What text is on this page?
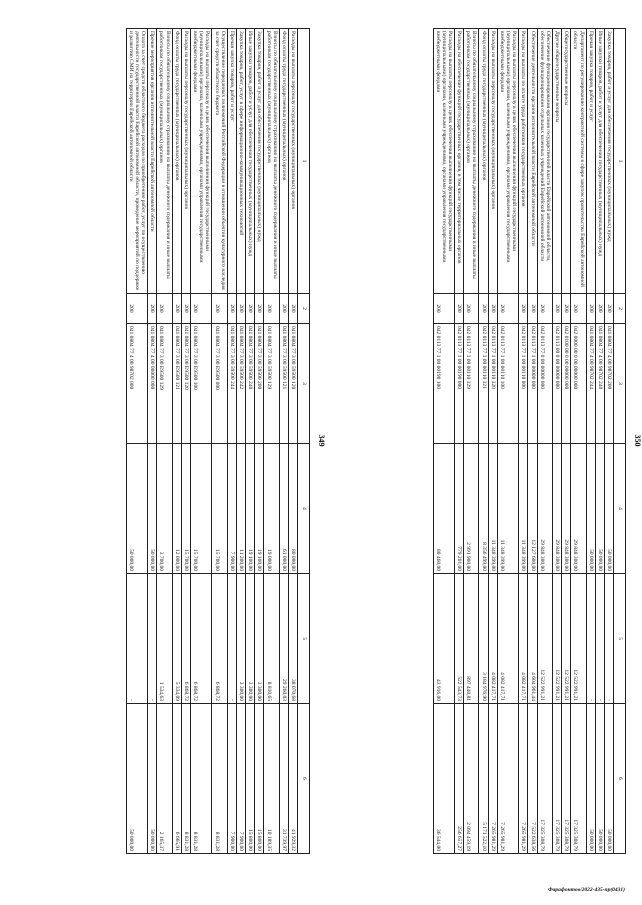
349
1	2	3	4	5	6
Расходы на выплаты персоналу государственных (муниципальных) органов	200	041 0804 77 3 00 59500 120	80 000,00	38 070,68	41 929,32
Фонд оплаты труда государственных (муниципальных) органов	200	041 0804 77 3 00 59500 121	61 000,00	29 260,03	31 739,97
Взносы по обязательному социальному страхованию на выплаты денежного содержания и иные выплаты работникам государственных (муниципальных) органов	200	041 0804 77 3 00 59500 129	19 000,00	8 810,65	10 189,35
Закупка товаров, работ и услуг для обеспечения государственных (муниципальных) нужд	200	041 0804 77 3 00 59500 200	19 100,00	3 300,00	15 800,00
Иные закупки товаров, работ и услуг для обеспечения государственных (муниципальных) нужд	200	041 0804 77 3 00 59500 240	19 100,00	3 300,00	15 800,00
Закупка товаров, работ, услуг в сфере информационно-коммуникационных технологий	200	041 0804 77 3 00 59500 242	11 200,00	3 300,00	7 900,00
Прочая закупка товаров, работ и услуг	200	041 0804 77 3 00 59500 244	7 900,00	-	7 900,00
Осуществление переданных полномочий Российской Федерации в отношении объектов культурного наследия за счет средств областного бюджета	200	041 0804 77 3 00 Е9500 000	15 700,00	6 868,72	8 831,28
Расходы на выплаты персоналу в целях обеспечения выполнения функций государственными (муниципальными) органами, казенными учреждениями, органами управления государственными внебюджетными фондами	200	041 0804 77 3 00 Е9500 100	15 700,00	6 868,72	8 831,28
Расходы на выплаты персоналу государственных (муниципальных) органов	200	041 0804 77 3 00 Е9500 120	15 700,00	6 868,72	8 831,28
Фонд оплаты труда государственных (муниципальных) органов	200	041 0804 77 3 00 Е9500 121	12 000,00	5 334,09	6 665,91
Взносы по обязательному социальному страхованию на выплаты денежного содержания и иные выплаты работникам государственных (муниципальных) органов	200	041 0804 77 3 00 Е9500 129	3 700,00	1 534,63	2 165,37
Прочие мероприятия органов исполнительной власти Еврейской автономной области	200	041 0804 77 4 00 00000 000	50 000,00	-	50 000,00
Оплата за счет средств областного бюджета расходов по приобретению работ, услуг по осуществлению деятельности государственной власти Еврейской автономной области, проведение мероприятий по поддержке и развитию СМИ на территории Еврейской автономной области	200	041 0804 77 4 00 98702 000	50 000,00	-	50 000,00
350
1	2	3	4	5	6
Закупка товаров, работ и услуг для обеспечения государственных (муниципальных) нужд	200	041 0804 77 4 00 98702 200	50 000,00	-	50 000,00
Иные закупки товаров, работ и услуг для обеспечения государственных (муниципальных) нужд	200	041 0804 77 4 00 98702 240	50 000,00	-	50 000,00
Прочая закупка товаров, работ и услуг	200	041 0804 77 4 00 98702 244	50 000,00	-	50 000,00
Департамент по регулированию контрактной системы в сфере закупок правительства Еврейской автономной области	200	042 0000 00 0 00 00000 000	29 848 300,00	12 522 991,21	17 325 308,79
Общегосударственные вопросы	200	042 0100 00 0 00 00000 000	29 848 300,00	12 522 991,21	17 325 308,79
Другие общегосударственные вопросы	200	042 0113 00 0 00 00000 000	29 848 300,00	12 522 991,21	17 325 308,79
Обеспечение функционирования органов государственной власти Еврейской автономной области, обеспечение функционирования отдельных казенных учреждений Еврейской автономной области	200	042 0113 77 0 00 00000 000	29 848 300,00	12 522 991,21	17 325 308,79
Обеспечение деятельности органов исполнительной власти Еврейской автономной области	200	042 0113 77 1 00 00000 000	12 127 600,00	4 604 961,44	7 522 638,56
Расходы на выплаты по оплате труда работников государственных органов	200	042 0113 77 1 00 00110 000	11 348 399,00	4 082 417,71	7 265 981,29
Расходы на выплаты персоналу в целях обеспечения выполнения функций государственными (муниципальными) органами, казенными учреждениями, органами управления государственными внебюджетными фондами	200	042 0113 77 1 00 00110 100	11 348 399,00	4 082 417,71	7 265 981,29
Расходы на выплаты персоналу государственных (муниципальных) органов	200	042 0113 77 1 00 00110 120	11 348 399,00	4 082 417,71	7 265 981,29
Фонд оплаты труда государственных (муниципальных) органов	200	042 0113 77 1 00 00110 121	8 356 499,00	3 184 976,90	5 171 522,10
Взносы по обязательному социальному страхованию на выплаты денежного содержания и иные выплаты работникам государственных (муниципальных) органов	200	042 0113 77 1 00 00110 129	2 991 900,00	897 440,81	2 094 459,19
Расходы на обеспечение функций государственных органов, в том числе территориальных органов	200	042 0113 77 1 00 00190 000	779 201,00	522 543,73	256 657,27
Расходы на выплаты персоналу в целях обеспечения выполнения функций государственными (муниципальными) органами, казенными учреждениями, органами управления государственными внебюджетными фондами	200	042 0113 77 1 00 00190 100	80 460,00	43 916,00	36 544,00
Фарафонтов/2022-435-пр(0431)
